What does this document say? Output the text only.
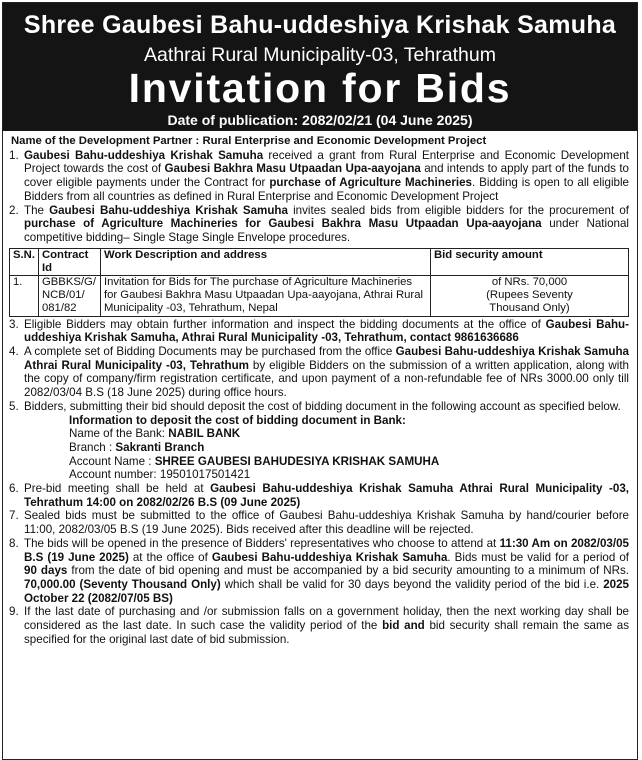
Shree Gaubesi Bahu-uddeshiya Krishak Samuha
Aathrai Rural Municipality-03, Tehrathum
Invitation for Bids
Date of publication: 2082/02/21 (04 June 2025)
Name of the Development Partner : Rural Enterprise and Economic Development Project
1. Gaubesi Bahu-uddeshiya Krishak Samuha received a grant from Rural Enterprise and Economic Development Project towards the cost of Gaubesi Bakhra Masu Utpaadan Upa-aayojana and intends to apply part of the funds to cover eligible payments under the Contract for purchase of Agriculture Machineries. Bidding is open to all eligible Bidders from all countries as defined in Rural Enterprise and Economic Development Project
2. The Gaubesi Bahu-uddeshiya Krishak Samuha invites sealed bids from eligible bidders for the procurement of purchase of Agriculture Machineries for Gaubesi Bakhra Masu Utpaadan Upa-aayojana under National competitive bidding– Single Stage Single Envelope procedures.
S.N.	Contract Id	Work Description and address	Bid security amount
1.	GBBKS/G/ NCB/01/ 081/82	Invitation for Bids for The purchase of Agriculture Machineries for Gaubesi Bakhra Masu Utpaadan Upa-aayojana, Athrai Rural Municipality -03, Tehrathum, Nepal	of NRs. 70,000
(Rupees Seventy
Thousand Only)
3. Eligible Bidders may obtain further information and inspect the bidding documents at the office of Gaubesi Bahu-uddeshiya Krishak Samuha, Athrai Rural Municipality -03, Tehrathum, contact 9861636686
4. A complete set of Bidding Documents may be purchased from the office Gaubesi Bahu-uddeshiya Krishak Samuha Athrai Rural Municipality -03, Tehrathum by eligible Bidders on the submission of a written application, along with the copy of company/firm registration certificate, and upon payment of a non-refundable fee of NRs 3000.00 only till 2082/03/04 B.S (18 June 2025) during office hours.
5. Bidders, submitting their bid should deposit the cost of bidding document in the following account as specified below.
Information to deposit the cost of bidding document in Bank:
Name of the Bank: NABIL BANK
Branch : Sakranti Branch
Account Name : SHREE GAUBESI BAHUDESIYA KRISHAK SAMUHA
Account number: 19501017501421
6. Pre-bid meeting shall be held at Gaubesi Bahu-uddeshiya Krishak Samuha Athrai Rural Municipality -03, Tehrathum 14:00 on 2082/02/26 B.S (09 June 2025)
7. Sealed bids must be submitted to the office of Gaubesi Bahu-uddeshiya Krishak Samuha by hand/courier before 11:00, 2082/03/05 B.S (19 June 2025). Bids received after this deadline will be rejected.
8. The bids will be opened in the presence of Bidders' representatives who choose to attend at 11:30 Am on 2082/03/05 B.S (19 June 2025) at the office of Gaubesi Bahu-uddeshiya Krishak Samuha. Bids must be valid for a period of 90 days from the date of bid opening and must be accompanied by a bid security amounting to a minimum of NRs. 70,000.00 (Seventy Thousand Only) which shall be valid for 30 days beyond the validity period of the bid i.e. 2025 October 22 (2082/07/05 BS)
9. If the last date of purchasing and /or submission falls on a government holiday, then the next working day shall be considered as the last date. In such case the validity period of the bid and bid security shall remain the same as specified for the original last date of bid submission.
